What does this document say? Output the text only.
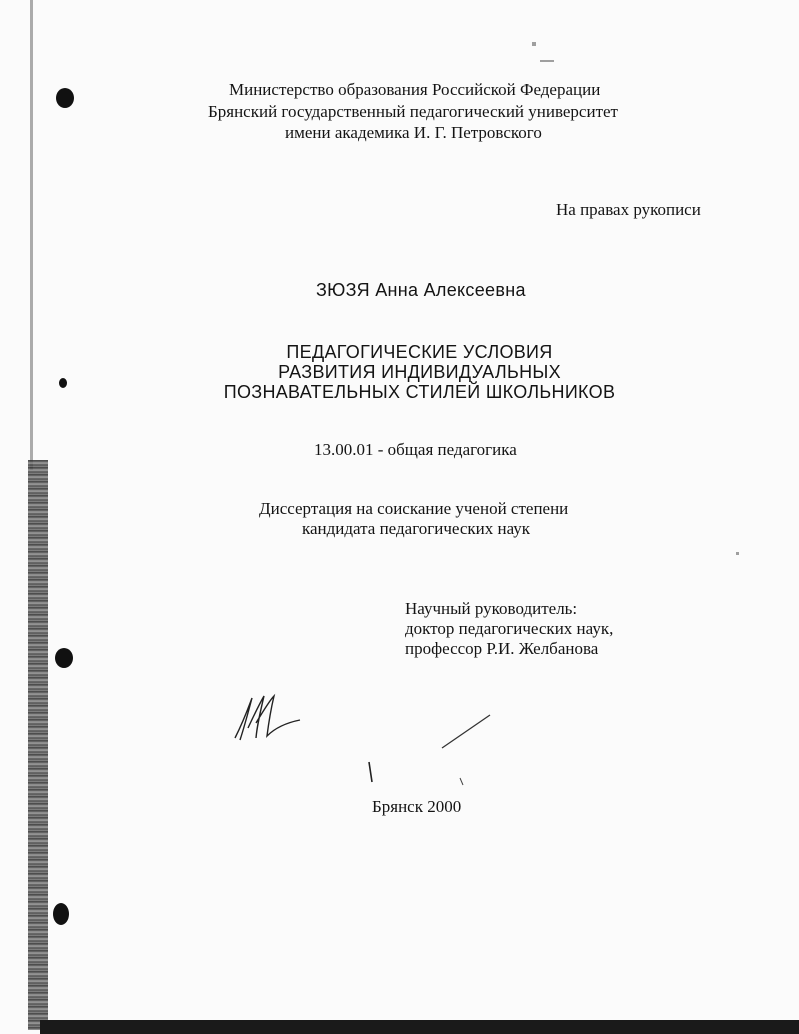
Министерство образования Российской Федерации
Брянский государственный педагогический университет
имени академика И. Г. Петровского
На правах рукописи
ЗЮЗЯ Анна Алексеевна
ПЕДАГОГИЧЕСКИЕ УСЛОВИЯ
РАЗВИТИЯ ИНДИВИДУАЛЬНЫХ
ПОЗНАВАТЕЛЬНЫХ СТИЛЕЙ ШКОЛЬНИКОВ
13.00.01 - общая педагогика
Диссертация на соискание ученой степени
кандидата педагогических наук
Научный руководитель:
доктор педагогических наук,
профессор Р.И. Желбанова
Брянск 2000
